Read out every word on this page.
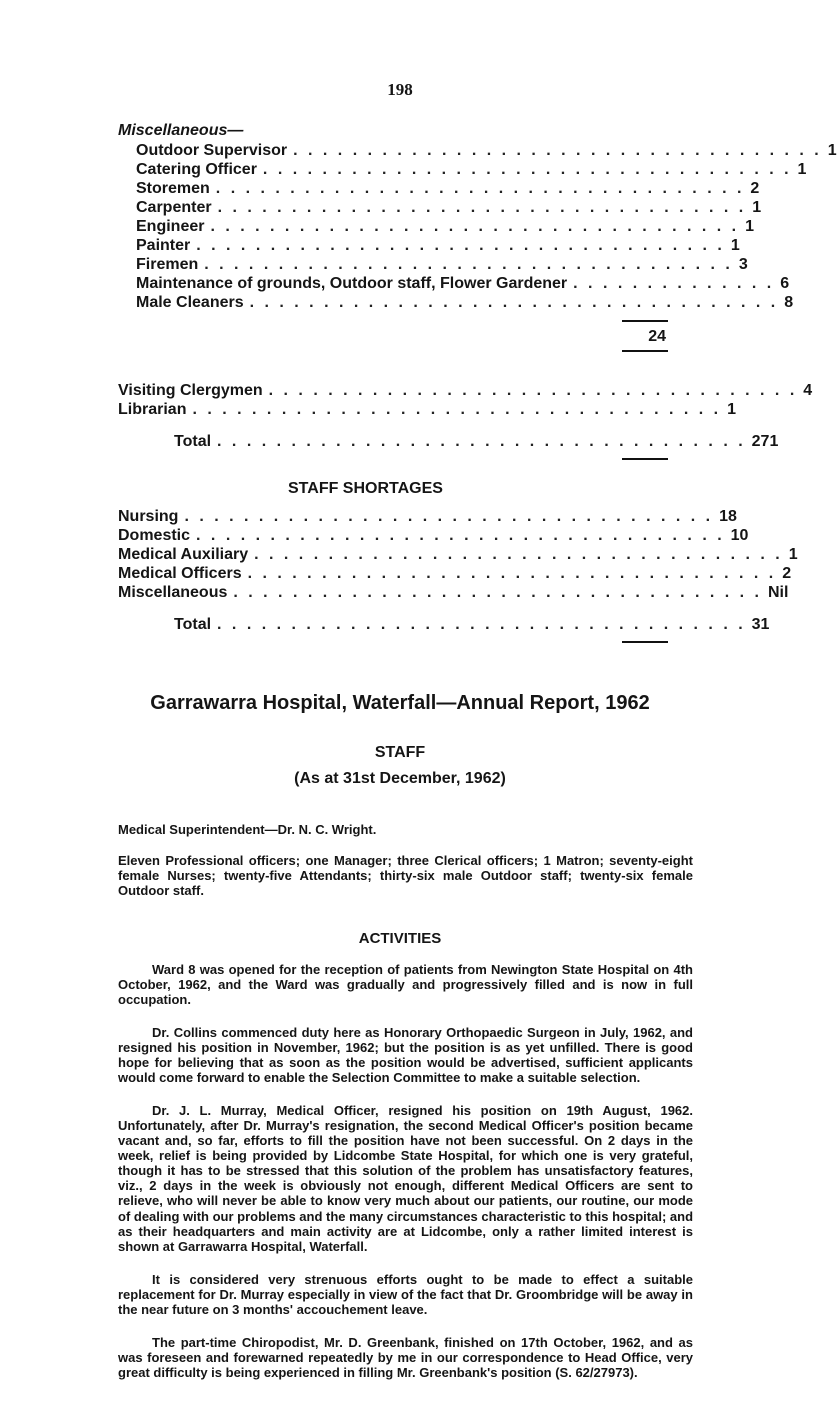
198
Miscellaneous—
Outdoor Supervisor . . . . . . . . . . . . . . . . . . . . . . . . . . . . . . . . . . . . 1
Catering Officer . . . . . . . . . . . . . . . . . . . . . . . . . . . . . . . . . . . . 1
Storemen . . . . . . . . . . . . . . . . . . . . . . . . . . . . . . . . . . . . 2
Carpenter . . . . . . . . . . . . . . . . . . . . . . . . . . . . . . . . . . . . 1
Engineer . . . . . . . . . . . . . . . . . . . . . . . . . . . . . . . . . . . . 1
Painter . . . . . . . . . . . . . . . . . . . . . . . . . . . . . . . . . . . . 1
Firemen . . . . . . . . . . . . . . . . . . . . . . . . . . . . . . . . . . . . 3
Maintenance of grounds, Outdoor staff, Flower Gardener . . . . . . . . . . . . . . 6
Male Cleaners . . . . . . . . . . . . . . . . . . . . . . . . . . . . . . . . . . . . 8
24
Visiting Clergymen . . . . . . . . . . . . . . . . . . . . . . . . . . . . . . . . . . . . 4
Librarian . . . . . . . . . . . . . . . . . . . . . . . . . . . . . . . . . . . . 1
Total . . . . . . . . . . . . . . . . . . . . . . . . . . . . . . . . . . . . 271
STAFF SHORTAGES
Nursing . . . . . . . . . . . . . . . . . . . . . . . . . . . . . . . . . . . . 18
Domestic . . . . . . . . . . . . . . . . . . . . . . . . . . . . . . . . . . . . 10
Medical Auxiliary . . . . . . . . . . . . . . . . . . . . . . . . . . . . . . . . . . . . 1
Medical Officers . . . . . . . . . . . . . . . . . . . . . . . . . . . . . . . . . . . . 2
Miscellaneous . . . . . . . . . . . . . . . . . . . . . . . . . . . . . . . . . . . . Nil
Total . . . . . . . . . . . . . . . . . . . . . . . . . . . . . . . . . . . . 31
Garrawarra Hospital, Waterfall—Annual Report, 1962
STAFF
(As at 31st December, 1962)

Medical Superintendent—Dr. N. C. Wright.

Eleven Professional officers; one Manager; three Clerical officers; 1 Matron; seventy-eight female Nurses; twenty-five Attendants; thirty-six male Outdoor staff; twenty-six female Outdoor staff.

ACTIVITIES

Ward 8 was opened for the reception of patients from Newington State Hospital on 4th October, 1962, and the Ward was gradually and progressively filled and is now in full occupation.

Dr. Collins commenced duty here as Honorary Orthopaedic Surgeon in July, 1962, and resigned his position in November, 1962; but the position is as yet unfilled. There is good hope for believing that as soon as the position would be advertised, sufficient applicants would come forward to enable the Selection Committee to make a suitable selection.

Dr. J. L. Murray, Medical Officer, resigned his position on 19th August, 1962. Unfortunately, after Dr. Murray's resignation, the second Medical Officer's position became vacant and, so far, efforts to fill the position have not been successful. On 2 days in the week, relief is being provided by Lidcombe State Hospital, for which one is very grateful, though it has to be stressed that this solution of the problem has unsatisfactory features, viz., 2 days in the week is obviously not enough, different Medical Officers are sent to relieve, who will never be able to know very much about our patients, our routine, our mode of dealing with our problems and the many circumstances characteristic to this hospital; and as their headquarters and main activity are at Lidcombe, only a rather limited interest is shown at Garrawarra Hospital, Waterfall.

It is considered very strenuous efforts ought to be made to effect a suitable replacement for Dr. Murray especially in view of the fact that Dr. Groombridge will be away in the near future on 3 months' accouchement leave.

The part-time Chiropodist, Mr. D. Greenbank, finished on 17th October, 1962, and as was foreseen and forewarned repeatedly by me in our correspondence to Head Office, very great difficulty is being experienced in filling Mr. Greenbank's position (S. 62/27973).
